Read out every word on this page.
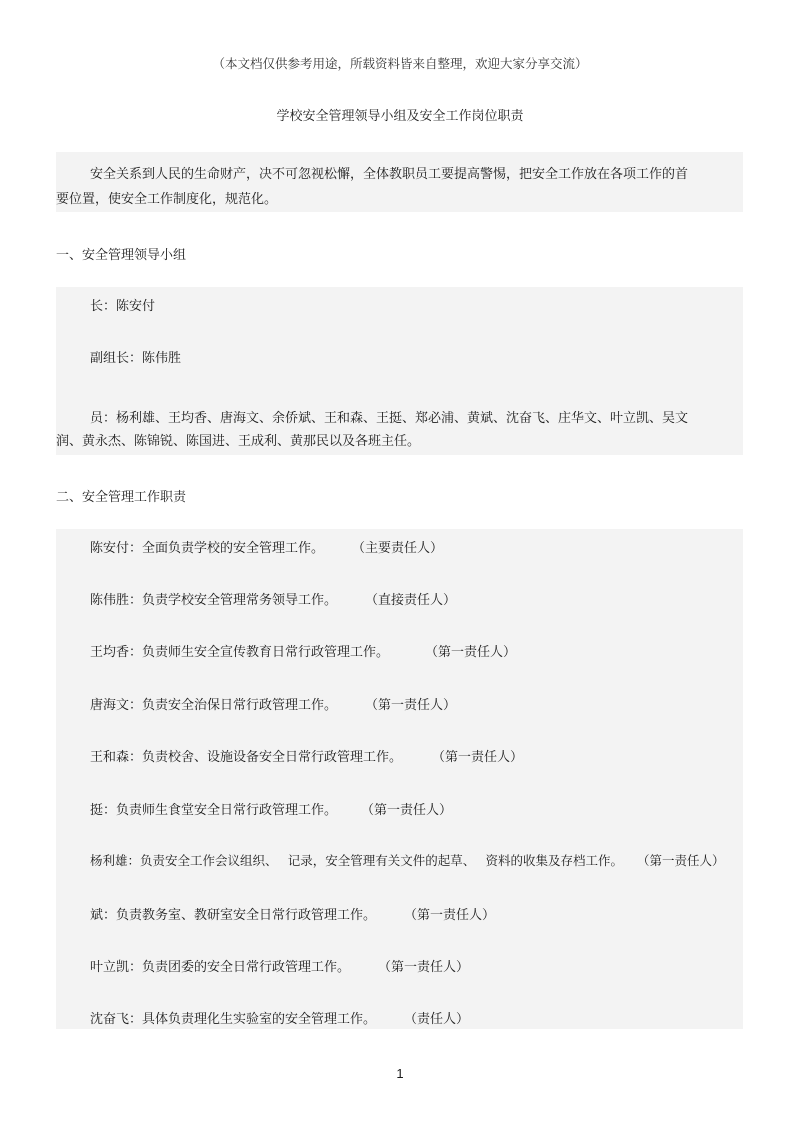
（本文档仅供参考用途，所载资料皆来自整理，欢迎大家分享交流）
学校安全管理领导小组及安全工作岗位职责
安全关系到人民的生命财产，决不可忽视松懈，全体教职员工要提高警惕，把安全工作放在各项工作的首
要位置，使安全工作制度化，规范化。
一、安全管理领导小组
长：陈安付
副组长：陈伟胜
员：杨利雄、王均香、唐海文、余侨斌、王和森、王挺、郑必浦、黄斌、沈奋飞、庄华文、叶立凯、吴文
润、黄永杰、陈锦锐、陈国进、王成利、黄那民以及各班主任。
二、安全管理工作职责
陈安付：全面负责学校的安全管理工作。 （主要责任人）
陈伟胜：负责学校安全管理常务领导工作。 （直接责任人）
王均香：负责师生安全宣传教育日常行政管理工作。	（第一责任人）
唐海文：负责安全治保日常行政管理工作。 （第一责任人）
王和森：负责校舍、设施设备安全日常行政管理工作。 （第一责任人）
挺：负责师生食堂安全日常行政管理工作。 （第一责任人）
杨利雄：负责安全工作会议组织、　 记录，安全管理有关文件的起草、　 资料的收集及存档工作。 （第一责任人）
斌：负责教务室、教研室安全日常行政管理工作。 （第一责任人）
叶立凯：负责团委的安全日常行政管理工作。 （第一责任人）
沈奋飞：具体负责理化生实验室的安全管理工作。 （责任人）
1
